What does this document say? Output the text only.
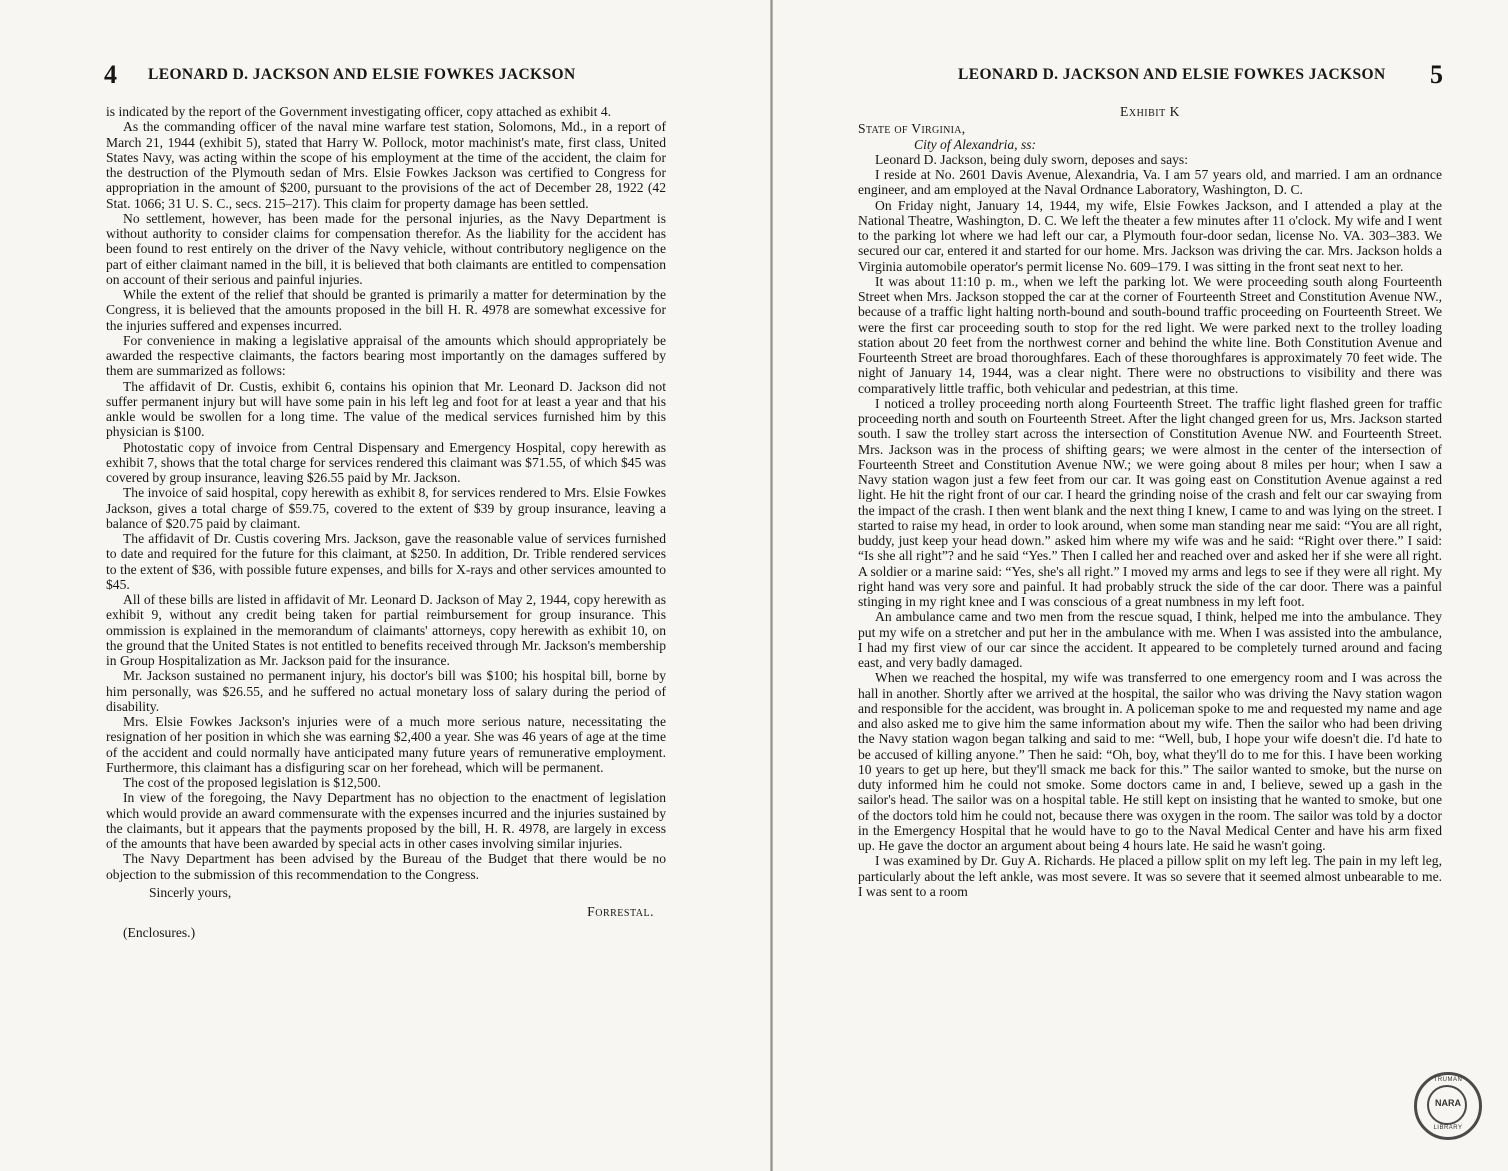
4 LEONARD D. JACKSON AND ELSIE FOWKES JACKSON

is indicated by the report of the Government investigating officer, copy attached as exhibit 4.

As the commanding officer of the naval mine warfare test station, Solomons, Md., in a report of March 21, 1944 (exhibit 5), stated that Harry W. Pollock, motor machinist's mate, first class, United States Navy, was acting within the scope of his employment at the time of the accident, the claim for the destruction of the Plymouth sedan of Mrs. Elsie Fowkes Jackson was certified to Congress for appropriation in the amount of $200, pursuant to the provisions of the act of December 28, 1922 (42 Stat. 1066; 31 U. S. C., secs. 215–217). This claim for property damage has been settled.

No settlement, however, has been made for the personal injuries, as the Navy Department is without authority to consider claims for compensation therefor. As the liability for the accident has been found to rest entirely on the driver of the Navy vehicle, without contributory negligence on the part of either claimant named in the bill, it is believed that both claimants are entitled to compensation on account of their serious and painful injuries.

While the extent of the relief that should be granted is primarily a matter for determination by the Congress, it is believed that the amounts proposed in the bill H. R. 4978 are somewhat excessive for the injuries suffered and expenses incurred.

For convenience in making a legislative appraisal of the amounts which should appropriately be awarded the respective claimants, the factors bearing most importantly on the damages suffered by them are summarized as follows:

The affidavit of Dr. Custis, exhibit 6, contains his opinion that Mr. Leonard D. Jackson did not suffer permanent injury but will have some pain in his left leg and foot for at least a year and that his ankle would be swollen for a long time. The value of the medical services furnished him by this physician is $100.

Photostatic copy of invoice from Central Dispensary and Emergency Hospital, copy herewith as exhibit 7, shows that the total charge for services rendered this claimant was $71.55, of which $45 was covered by group insurance, leaving $26.55 paid by Mr. Jackson.

The invoice of said hospital, copy herewith as exhibit 8, for services rendered to Mrs. Elsie Fowkes Jackson, gives a total charge of $59.75, covered to the extent of $39 by group insurance, leaving a balance of $20.75 paid by claimant.

The affidavit of Dr. Custis covering Mrs. Jackson, gave the reasonable value of services furnished to date and required for the future for this claimant, at $250. In addition, Dr. Trible rendered services to the extent of $36, with possible future expenses, and bills for X-rays and other services amounted to $45.

All of these bills are listed in affidavit of Mr. Leonard D. Jackson of May 2, 1944, copy herewith as exhibit 9, without any credit being taken for partial reimbursement for group insurance. This ommission is explained in the memorandum of claimants' attorneys, copy herewith as exhibit 10, on the ground that the United States is not entitled to benefits received through Mr. Jackson's membership in Group Hospitalization as Mr. Jackson paid for the insurance.

Mr. Jackson sustained no permanent injury, his doctor's bill was $100; his hospital bill, borne by him personally, was $26.55, and he suffered no actual monetary loss of salary during the period of disability.

Mrs. Elsie Fowkes Jackson's injuries were of a much more serious nature, necessitating the resignation of her position in which she was earning $2,400 a year. She was 46 years of age at the time of the accident and could normally have anticipated many future years of remunerative employment. Furthermore, this claimant has a disfiguring scar on her forehead, which will be permanent.

The cost of the proposed legislation is $12,500.

In view of the foregoing, the Navy Department has no objection to the enactment of legislation which would provide an award commensurate with the expenses incurred and the injuries sustained by the claimants, but it appears that the payments proposed by the bill, H. R. 4978, are largely in excess of the amounts that have been awarded by special acts in other cases involving similar injuries.

The Navy Department has been advised by the Bureau of the Budget that there would be no objection to the submission of this recommendation to the Congress.

Sincerly yours,
Forrestal.
(Enclosures.)
LEONARD D. JACKSON AND ELSIE FOWKES JACKSON 5
Exhibit K
State of Virginia,
City of Alexandria, ss:

Leonard D. Jackson, being duly sworn, deposes and says:

I reside at No. 2601 Davis Avenue, Alexandria, Va. I am 57 years old, and married. I am an ordnance engineer, and am employed at the Naval Ordnance Laboratory, Washington, D. C.

On Friday night, January 14, 1944, my wife, Elsie Fowkes Jackson, and I attended a play at the National Theatre, Washington, D. C. We left the theater a few minutes after 11 o'clock. My wife and I went to the parking lot where we had left our car, a Plymouth four-door sedan, license No. VA. 303–383. We secured our car, entered it and started for our home. Mrs. Jackson was driving the car. Mrs. Jackson holds a Virginia automobile operator's permit license No. 609–179. I was sitting in the front seat next to her.

It was about 11:10 p. m., when we left the parking lot. We were proceeding south along Fourteenth Street when Mrs. Jackson stopped the car at the corner of Fourteenth Street and Constitution Avenue NW., because of a traffic light halting north-bound and south-bound traffic proceeding on Fourteenth Street. We were the first car proceeding south to stop for the red light. We were parked next to the trolley loading station about 20 feet from the northwest corner and behind the white line. Both Constitution Avenue and Fourteenth Street are broad thoroughfares. Each of these thoroughfares is approximately 70 feet wide. The night of January 14, 1944, was a clear night. There were no obstructions to visibility and there was comparatively little traffic, both vehicular and pedestrian, at this time.

I noticed a trolley proceeding north along Fourteenth Street. The traffic light flashed green for traffic proceeding north and south on Fourteenth Street. After the light changed green for us, Mrs. Jackson started south. I saw the trolley start across the intersection of Constitution Avenue NW. and Fourteenth Street. Mrs. Jackson was in the process of shifting gears; we were almost in the center of the intersection of Fourteenth Street and Constitution Avenue NW.; we were going about 8 miles per hour; when I saw a Navy station wagon just a few feet from our car. It was going east on Constitution Avenue against a red light. He hit the right front of our car. I heard the grinding noise of the crash and felt our car swaying from the impact of the crash. I then went blank and the next thing I knew, I came to and was lying on the street. I started to raise my head, in order to look around, when some man standing near me said: “You are all right, buddy, just keep your head down.” asked him where my wife was and he said: “Right over there.” I said: “Is she all right”? and he said “Yes.” Then I called her and reached over and asked her if she were all right. A soldier or a marine said: “Yes, she's all right.” I moved my arms and legs to see if they were all right. My right hand was very sore and painful. It had probably struck the side of the car door. There was a painful stinging in my right knee and I was conscious of a great numbness in my left foot.

An ambulance came and two men from the rescue squad, I think, helped me into the ambulance. They put my wife on a stretcher and put her in the ambulance with me. When I was assisted into the ambulance, I had my first view of our car since the accident. It appeared to be completely turned around and facing east, and very badly damaged.

When we reached the hospital, my wife was transferred to one emergency room and I was across the hall in another. Shortly after we arrived at the hospital, the sailor who was driving the Navy station wagon and responsible for the accident, was brought in. A policeman spoke to me and requested my name and age and also asked me to give him the same information about my wife. Then the sailor who had been driving the Navy station wagon began talking and said to me: “Well, bub, I hope your wife doesn't die. I'd hate to be accused of killing anyone.” Then he said: “Oh, boy, what they'll do to me for this. I have been working 10 years to get up here, but they'll smack me back for this.” The sailor wanted to smoke, but the nurse on duty informed him he could not smoke. Some doctors came in and, I believe, sewed up a gash in the sailor's head. The sailor was on a hospital table. He still kept on insisting that he wanted to smoke, but one of the doctors told him he could not, because there was oxygen in the room. The sailor was told by a doctor in the Emergency Hospital that he would have to go to the Naval Medical Center and have his arm fixed up. He gave the doctor an argument about being 4 hours late. He said he wasn't going.

I was examined by Dr. Guy A. Richards. He placed a pillow split on my left leg. The pain in my left leg, particularly about the left ankle, was most severe. It was so severe that it seemed almost unbearable to me. I was sent to a room

TRUMAN
NARA
LIBRARY
